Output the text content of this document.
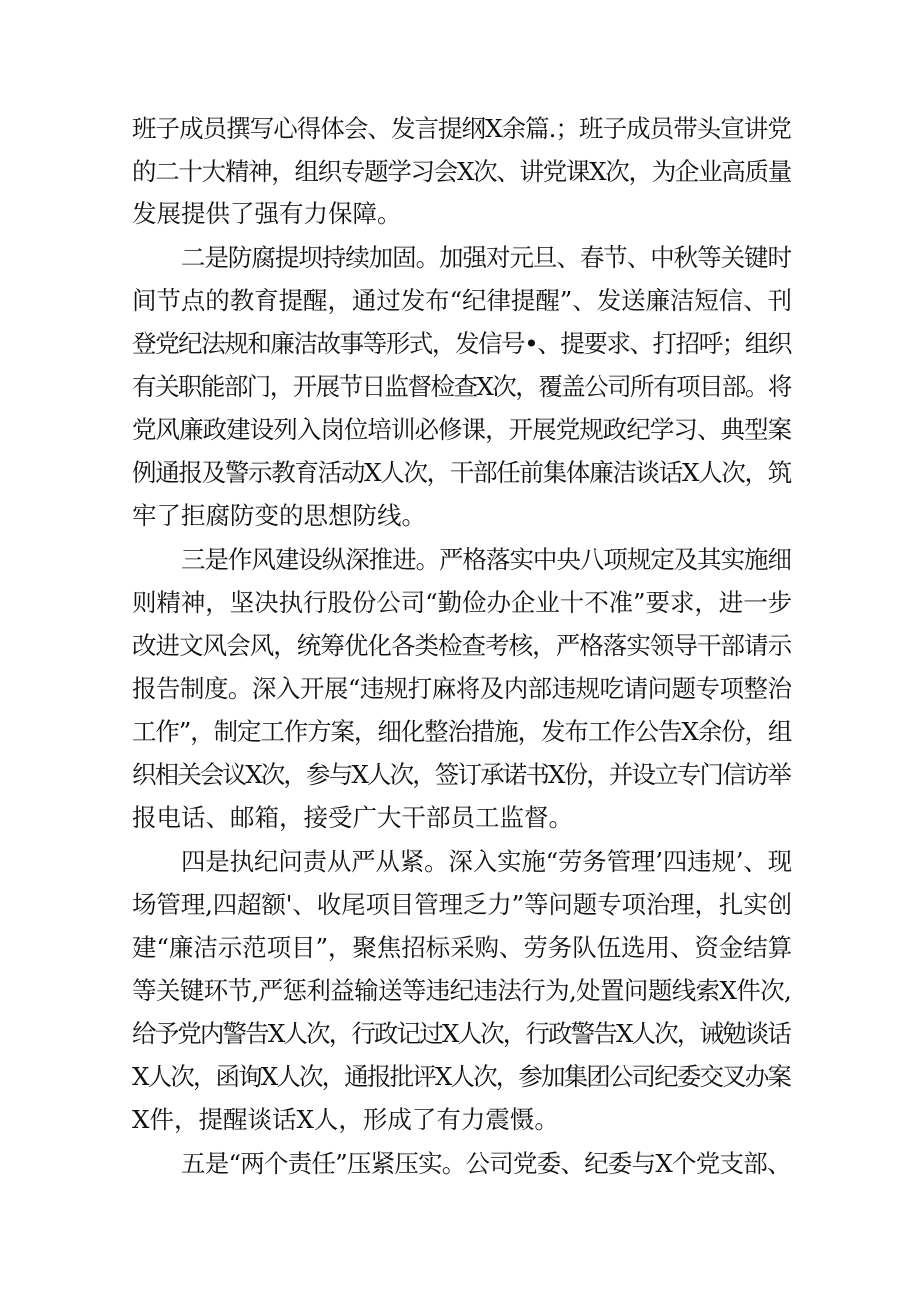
班子成员撰写心得体会、发言提纲X余篇.；班子成员带头宣讲党
的二十大精神，组织专题学习会X次、讲党课X次，为企业高质量
发展提供了强有力保障。
二是防腐提坝持续加固。加强对元旦、春节、中秋等关键时
间节点的教育提醒，通过发布“纪律提醒”、发送廉洁短信、刊
登党纪法规和廉洁故事等形式，发信号•、提要求、打招呼；组织
有关职能部门，开展节日监督检查X次，覆盖公司所有项目部。将
党风廉政建设列入岗位培训必修课，开展党规政纪学习、典型案
例通报及警示教育活动X人次，干部任前集体廉洁谈话X人次，筑
牢了拒腐防变的思想防线。
三是作风建设纵深推进。严格落实中央八项规定及其实施细
则精神，坚决执行股份公司“勤俭办企业十不准”要求，进一步
改进文风会风，统筹优化各类检查考核，严格落实领导干部请示
报告制度。深入开展“违规打麻将及内部违规吃请问题专项整治
工作”，制定工作方案，细化整治措施，发布工作公告X余份，组
织相关会议X次，参与X人次，签订承诺书X份，并设立专门信访举
报电话、邮箱，接受广大干部员工监督。
四是执纪问责从严从紧。深入实施“劳务管理’四违规’、现
场管理,四超额'、收尾项目管理乏力”等问题专项治理，扎实创
建“廉洁示范项目”，聚焦招标采购、劳务队伍选用、资金结算
等关键环节,严惩利益输送等违纪违法行为,处置问题线索X件次,
给予党内警告X人次，行政记过X人次，行政警告X人次，诫勉谈话
X人次，函询X人次，通报批评X人次，参加集团公司纪委交叉办案
X件，提醒谈话X人，形成了有力震慑。
五是“两个责任”压紧压实。公司党委、纪委与X个党支部、
